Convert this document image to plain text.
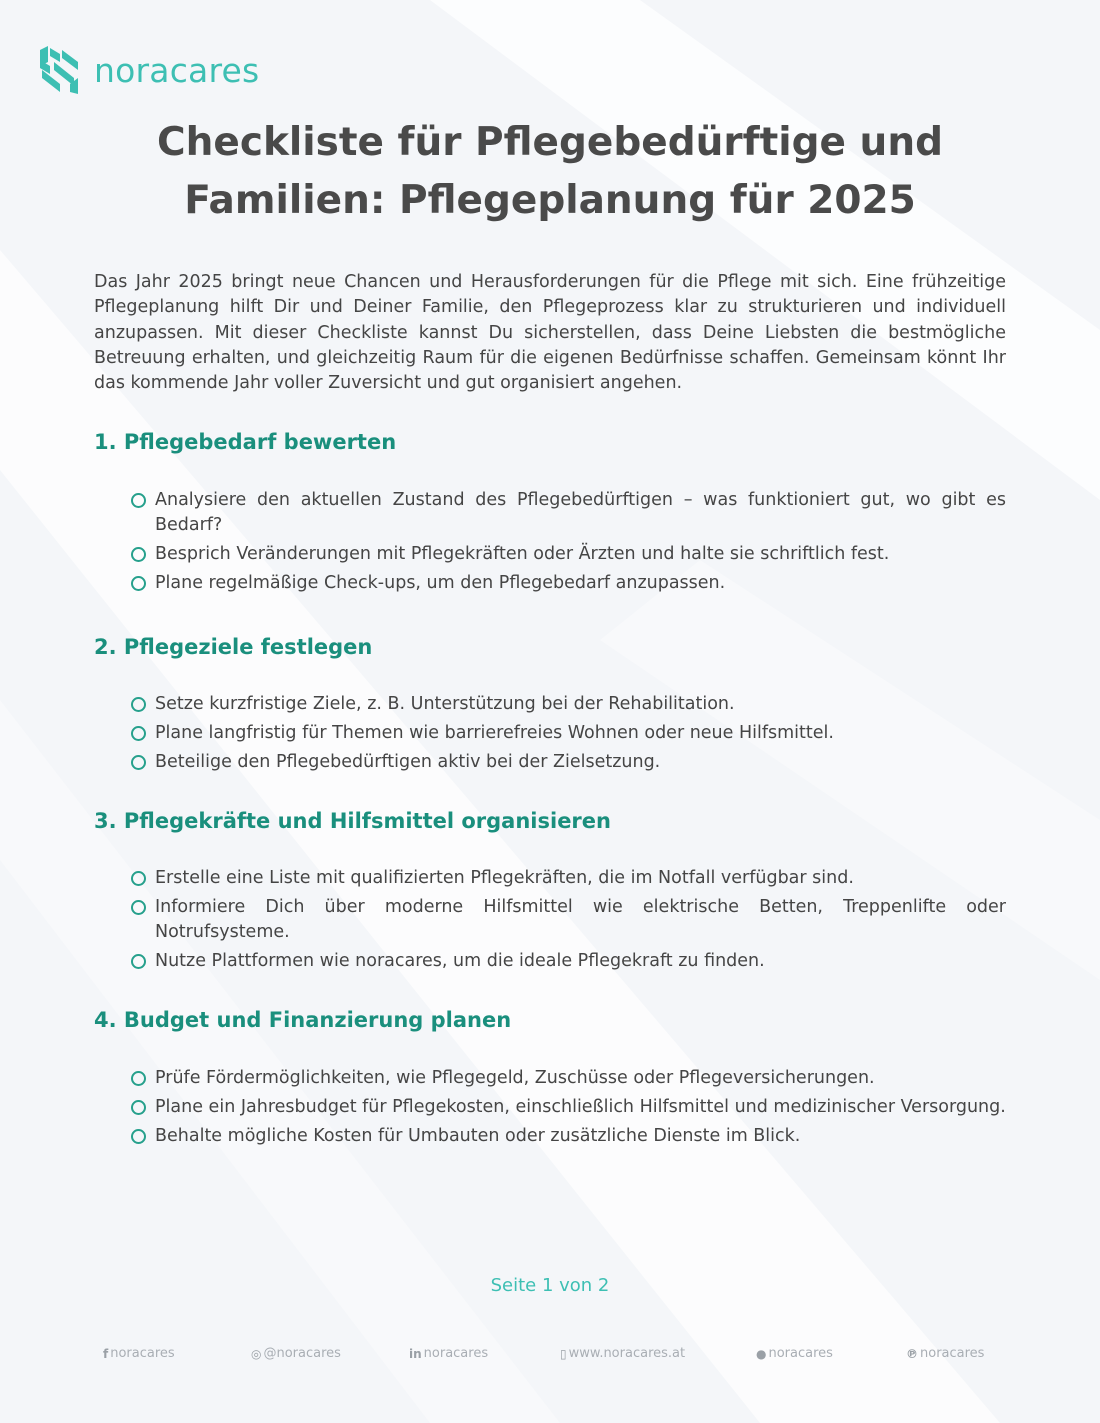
noracares
Checkliste für Pflegebedürftige und
Familien: Pflegeplanung für 2025

Das Jahr 2025 bringt neue Chancen und Herausforderungen für die Pflege mit sich. Eine frühzeitige Pflegeplanung hilft Dir und Deiner Familie, den Pflegeprozess klar zu strukturieren und individuell anzupassen. Mit dieser Checkliste kannst Du sicherstellen, dass Deine Liebsten die bestmögliche Betreuung erhalten, und gleichzeitig Raum für die eigenen Bedürfnisse schaffen. Gemeinsam könnt Ihr das kommende Jahr voller Zuversicht und gut organisiert angehen.

1. Pflegebedarf bewerten
Analysiere den aktuellen Zustand des Pflegebedürftigen – was funktioniert gut, wo gibt es Bedarf?
Besprich Veränderungen mit Pflegekräften oder Ärzten und halte sie schriftlich fest.
Plane regelmäßige Check-ups, um den Pflegebedarf anzupassen.
2. Pflegeziele festlegen
Setze kurzfristige Ziele, z. B. Unterstützung bei der Rehabilitation.
Plane langfristig für Themen wie barrierefreies Wohnen oder neue Hilfsmittel.
Beteilige den Pflegebedürftigen aktiv bei der Zielsetzung.
3. Pflegekräfte und Hilfsmittel organisieren
Erstelle eine Liste mit qualifizierten Pflegekräften, die im Notfall verfügbar sind.
Informiere Dich über moderne Hilfsmittel wie elektrische Betten, Treppenlifte oder Notrufsysteme.
Nutze Plattformen wie noracares, um die ideale Pflegekraft zu finden.
4. Budget und Finanzierung planen
Prüfe Fördermöglichkeiten, wie Pflegegeld, Zuschüsse oder Pflegeversicherungen.
Plane ein Jahresbudget für Pflegekosten, einschließlich Hilfsmittel und medizinischer Versorgung.
Behalte mögliche Kosten für Umbauten oder zusätzliche Dienste im Blick.

Seite 1 von 2

f noracares	◎ @noracares	in noracares	▯ www.noracares.at	● noracares	℗ noracares
